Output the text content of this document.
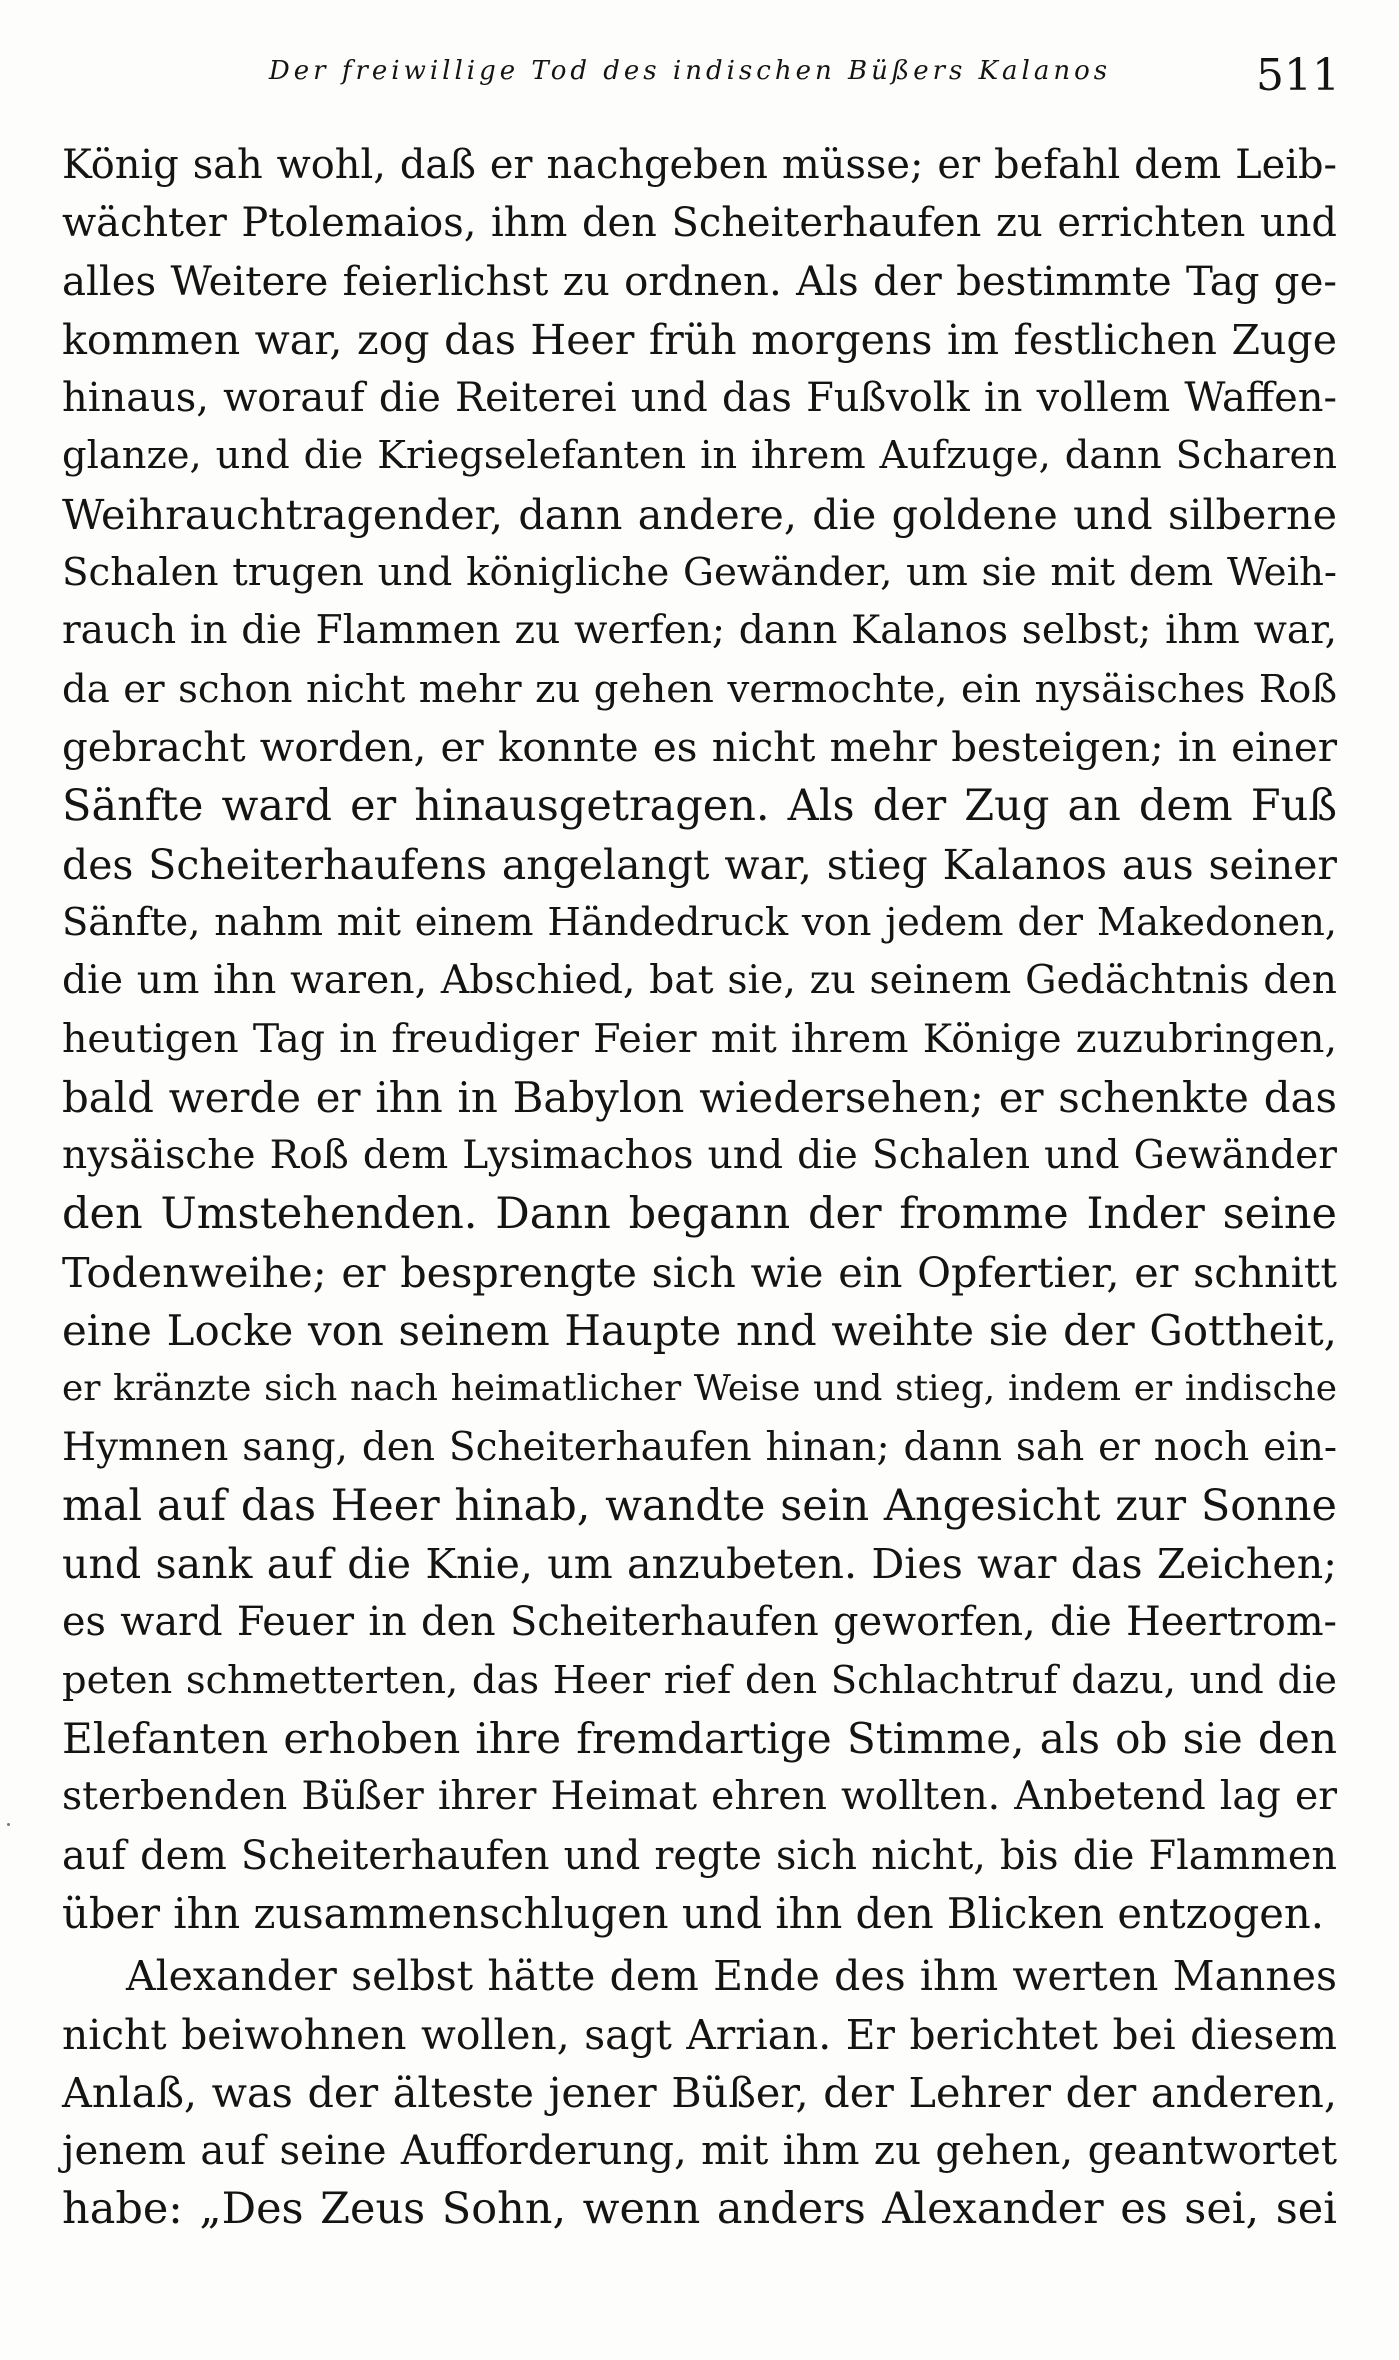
Der freiwillige Tod des indischen Büßers Kalanos	511

König sah wohl, daß er nachgeben müsse; er befahl dem Leib-
wächter Ptolemaios, ihm den Scheiterhaufen zu errichten und
alles Weitere feierlichst zu ordnen. Als der bestimmte Tag ge-
kommen war, zog das Heer früh morgens im festlichen Zuge
hinaus, worauf die Reiterei und das Fußvolk in vollem Waffen-
glanze, und die Kriegselefanten in ihrem Aufzuge, dann Scharen
Weihrauchtragender, dann andere, die goldene und silberne
Schalen trugen und königliche Gewänder, um sie mit dem Weih-
rauch in die Flammen zu werfen; dann Kalanos selbst; ihm war,
da er schon nicht mehr zu gehen vermochte, ein nysäisches Roß
gebracht worden, er konnte es nicht mehr besteigen; in einer
Sänfte ward er hinausgetragen. Als der Zug an dem Fuß
des Scheiterhaufens angelangt war, stieg Kalanos aus seiner
Sänfte, nahm mit einem Händedruck von jedem der Makedonen,
die um ihn waren, Abschied, bat sie, zu seinem Gedächtnis den
heutigen Tag in freudiger Feier mit ihrem Könige zuzubringen,
bald werde er ihn in Babylon wiedersehen; er schenkte das
nysäische Roß dem Lysimachos und die Schalen und Gewänder
den Umstehenden. Dann begann der fromme Inder seine
Todenweihe; er besprengte sich wie ein Opfertier, er schnitt
eine Locke von seinem Haupte nnd weihte sie der Gottheit,
er kränzte sich nach heimatlicher Weise und stieg, indem er indische
Hymnen sang, den Scheiterhaufen hinan; dann sah er noch ein-
mal auf das Heer hinab, wandte sein Angesicht zur Sonne
und sank auf die Knie, um anzubeten. Dies war das Zeichen;
es ward Feuer in den Scheiterhaufen geworfen, die Heertrom-
peten schmetterten, das Heer rief den Schlachtruf dazu, und die
Elefanten erhoben ihre fremdartige Stimme, als ob sie den
sterbenden Büßer ihrer Heimat ehren wollten. Anbetend lag er
auf dem Scheiterhaufen und regte sich nicht, bis die Flammen
über ihn zusammenschlugen und ihn den Blicken entzogen.

Alexander selbst hätte dem Ende des ihm werten Mannes
nicht beiwohnen wollen, sagt Arrian. Er berichtet bei diesem
Anlaß, was der älteste jener Büßer, der Lehrer der anderen,
jenem auf seine Aufforderung, mit ihm zu gehen, geantwortet
habe: „Des Zeus Sohn, wenn anders Alexander es sei, sei
